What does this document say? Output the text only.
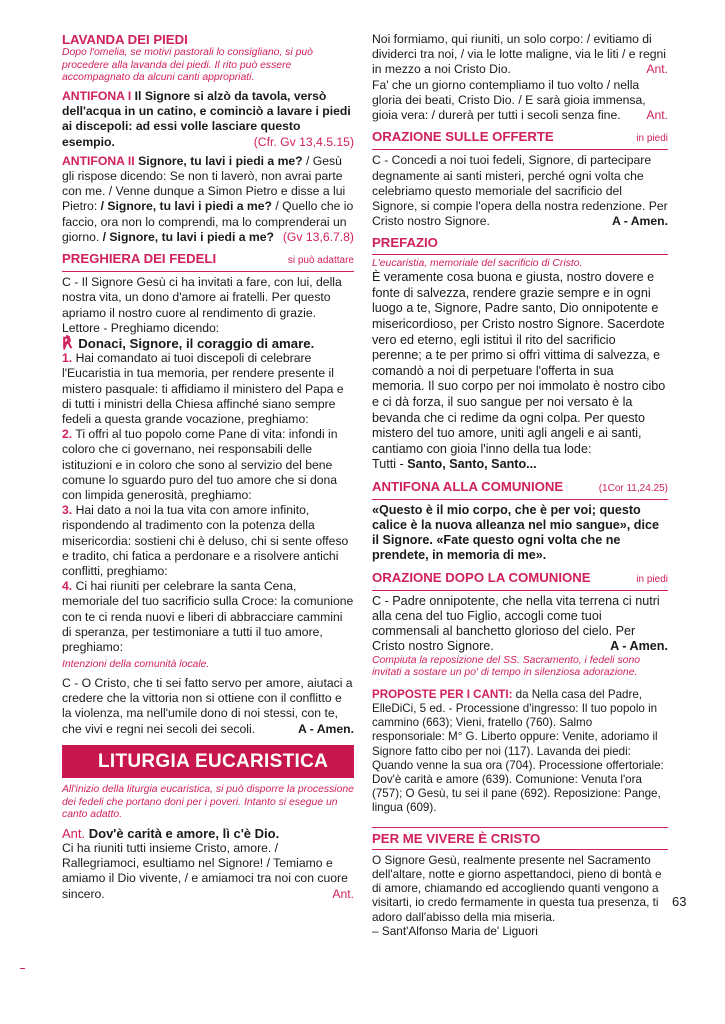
LAVANDA DEI PIEDI

Dopo l'omelia, se motivi pastorali lo consigliano, si può procedere alla lavanda dei piedi. Il rito può essere accompagnato da alcuni canti appropriati.

ANTIFONA I Il Signore si alzò da tavola, versò dell'acqua in un catino, e cominciò a lavare i piedi ai discepoli: ad essi volle lasciare questo esempio.	(Cfr. Gv 13,4.5.15)

ANTIFONA II Signore, tu lavi i piedi a me? / Gesù gli rispose dicendo: Se non ti laverò, non avrai parte con me. / Venne dunque a Simon Pietro e disse a lui Pietro: / Signore, tu lavi i piedi a me? / Quello che io faccio, ora non lo comprendi, ma lo comprenderai un giorno. / Signore, tu lavi i piedi a me? (Gv 13,6.7.8)

PREGHIERA DEI FEDELI	si può adattare

C - Il Signore Gesù ci ha invitati a fare, con lui, della nostra vita, un dono d'amore ai fratelli. Per questo apriamo il nostro cuore al rendimento di grazie.

Lettore - Preghiamo dicendo:

℟ Donaci, Signore, il coraggio di amare.

1. Hai comandato ai tuoi discepoli di celebrare l'Eucaristia in tua memoria, per rendere presente il mistero pasquale: ti affidiamo il ministero del Papa e di tutti i ministri della Chiesa affinché siano sempre fedeli a questa grande vocazione, preghiamo:

2. Ti offri al tuo popolo come Pane di vita: infondi in coloro che ci governano, nei responsabili delle istituzioni e in coloro che sono al servizio del bene comune lo sguardo puro del tuo amore che si dona con limpida generosità, preghiamo:

3. Hai dato a noi la tua vita con amore infinito, rispondendo al tradimento con la potenza della misericordia: sostieni chi è deluso, chi si sente offeso e tradito, chi fatica a perdonare e a risolvere antichi conflitti, preghiamo:

4. Ci hai riuniti per celebrare la santa Cena, memoriale del tuo sacrificio sulla Croce: la comunione con te ci renda nuovi e liberi di abbracciare cammini di speranza, per testimoniare a tutti il tuo amore, preghiamo:

Intenzioni della comunità locale.

C - O Cristo, che ti sei fatto servo per amore, aiutaci a credere che la vittoria non si ottiene con il conflitto e la violenza, ma nell'umile dono di noi stessi, con te, che vivi e regni nei secoli dei secoli.	A - Amen.

LITURGIA EUCARISTICA

All'inizio della liturgia eucaristica, si può disporre la processione dei fedeli che portano doni per i poveri. Intanto si esegue un canto adatto.

Ant. Dov'è carità e amore, lì c'è Dio.

Ci ha riuniti tutti insieme Cristo, amore. / Rallegriamoci, esultiamo nel Signore! / Temiamo e amiamo il Dio vivente, / e amiamoci tra noi con cuore sincero.	Ant.

Noi formiamo, qui riuniti, un solo corpo: / evitiamo di dividerci tra noi, / via le lotte maligne, via le liti / e regni in mezzo a noi Cristo Dio.	Ant.

Fa' che un giorno contempliamo il tuo volto / nella gloria dei beati, Cristo Dio. / E sarà gioia immensa, gioia vera: / durerà per tutti i secoli senza fine. Ant.

ORAZIONE SULLE OFFERTE	in piedi

C - Concedi a noi tuoi fedeli, Signore, di partecipare degnamente ai santi misteri, perché ogni volta che celebriamo questo memoriale del sacrificio del Signore, si compie l'opera della nostra redenzione. Per Cristo nostro Signore.	A - Amen.

PREFAZIO

L'eucaristia, memoriale del sacrificio di Cristo.

È veramente cosa buona e giusta, nostro dovere e fonte di salvezza, rendere grazie sempre e in ogni luogo a te, Signore, Padre santo, Dio onnipotente e misericordioso, per Cristo nostro Signore. Sacerdote vero ed eterno, egli istituì il rito del sacrificio perenne; a te per primo si offrì vittima di salvezza, e comandò a noi di perpetuare l'offerta in sua memoria. Il suo corpo per noi immolato è nostro cibo e ci dà forza, il suo sangue per noi versato è la bevanda che ci redime da ogni colpa. Per questo mistero del tuo amore, uniti agli angeli e ai santi, cantiamo con gioia l'inno della tua lode:

Tutti - Santo, Santo, Santo...

ANTIFONA ALLA COMUNIONE	(1Cor 11,24.25)

«Questo è il mio corpo, che è per voi; questo calice è la nuova alleanza nel mio sangue», dice il Signore. «Fate questo ogni volta che ne prendete, in memoria di me».

ORAZIONE DOPO LA COMUNIONE	in piedi

C - Padre onnipotente, che nella vita terrena ci nutri alla cena del tuo Figlio, accogli come tuoi commensali al banchetto glorioso del cielo. Per Cristo nostro Signore.	A - Amen.

Compiuta la reposizione del SS. Sacramento, i fedeli sono invitati a sostare un po' di tempo in silenziosa adorazione.

PROPOSTE PER I CANTI: da Nella casa del Padre, ElleDiCi, 5 ed. - Processione d'ingresso: Il tuo popolo in cammino (663); Vieni, fratello (760). Salmo responsoriale: M° G. Liberto oppure: Venite, adoriamo il Signore fatto cibo per noi (117). Lavanda dei piedi: Quando venne la sua ora (704). Processione offertoriale: Dov'è carità e amore (639). Comunione: Venuta l'ora (757); O Gesù, tu sei il pane (692). Reposizione: Pange, lingua (609).

PER ME VIVERE È CRISTO

O Signore Gesù, realmente presente nel Sacramento dell'altare, notte e giorno aspettandoci, pieno di bontà e di amore, chiamando ed accogliendo quanti vengono a visitarti, io credo fermamente in questa tua presenza, ti adoro dall'abisso della mia miseria.

– Sant'Alfonso Maria de' Liguori

63
